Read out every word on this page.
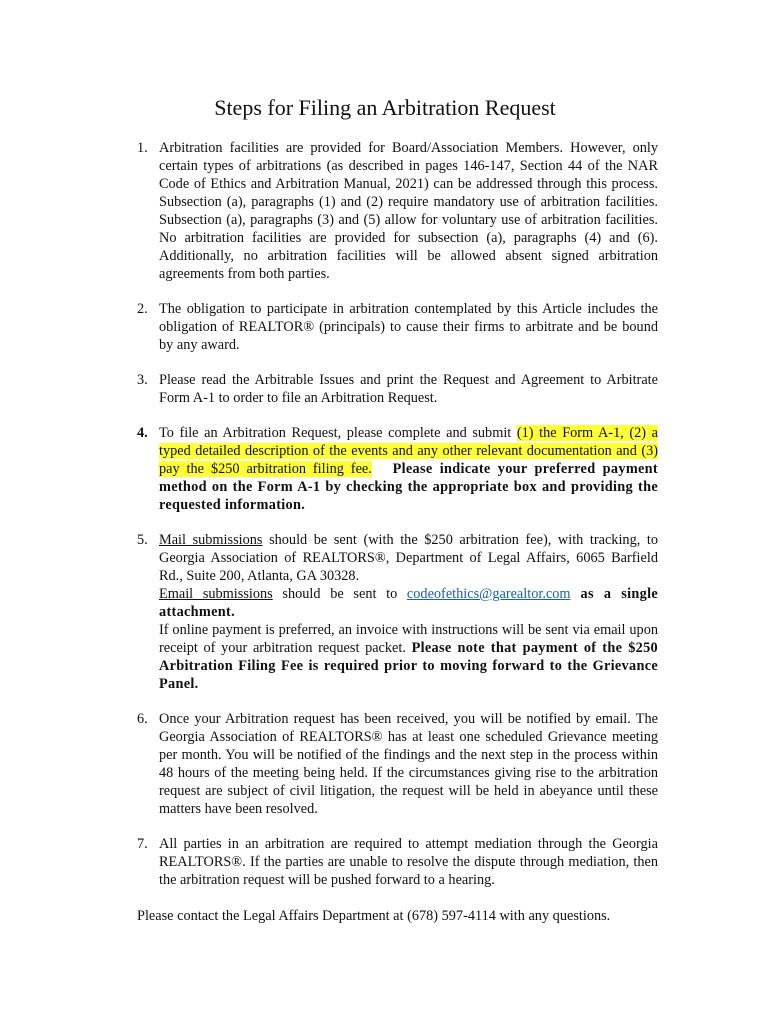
Steps for Filing an Arbitration Request
1. Arbitration facilities are provided for Board/Association Members. However, only certain types of arbitrations (as described in pages 146-147, Section 44 of the NAR Code of Ethics and Arbitration Manual, 2021) can be addressed through this process. Subsection (a), paragraphs (1) and (2) require mandatory use of arbitration facilities. Subsection (a), paragraphs (3) and (5) allow for voluntary use of arbitration facilities. No arbitration facilities are provided for subsection (a), paragraphs (4) and (6). Additionally, no arbitration facilities will be allowed absent signed arbitration agreements from both parties.
2. The obligation to participate in arbitration contemplated by this Article includes the obligation of REALTOR® (principals) to cause their firms to arbitrate and be bound by any award.
3. Please read the Arbitrable Issues and print the Request and Agreement to Arbitrate Form A-1 to order to file an Arbitration Request.
4. To file an Arbitration Request, please complete and submit (1) the Form A-1, (2) a typed detailed description of the events and any other relevant documentation and (3) pay the $250 arbitration filing fee. Please indicate your preferred payment method on the Form A-1 by checking the appropriate box and providing the requested information.
5. Mail submissions should be sent (with the $250 arbitration fee), with tracking, to Georgia Association of REALTORS®, Department of Legal Affairs, 6065 Barfield Rd., Suite 200, Atlanta, GA 30328.
Email submissions should be sent to codeofethics@garealtor.com as a single attachment.
If online payment is preferred, an invoice with instructions will be sent via email upon receipt of your arbitration request packet. Please note that payment of the $250 Arbitration Filing Fee is required prior to moving forward to the Grievance Panel.
6. Once your Arbitration request has been received, you will be notified by email. The Georgia Association of REALTORS® has at least one scheduled Grievance meeting per month. You will be notified of the findings and the next step in the process within 48 hours of the meeting being held. If the circumstances giving rise to the arbitration request are subject of civil litigation, the request will be held in abeyance until these matters have been resolved.
7. All parties in an arbitration are required to attempt mediation through the Georgia REALTORS®. If the parties are unable to resolve the dispute through mediation, then the arbitration request will be pushed forward to a hearing.

Please contact the Legal Affairs Department at (678) 597-4114 with any questions.
